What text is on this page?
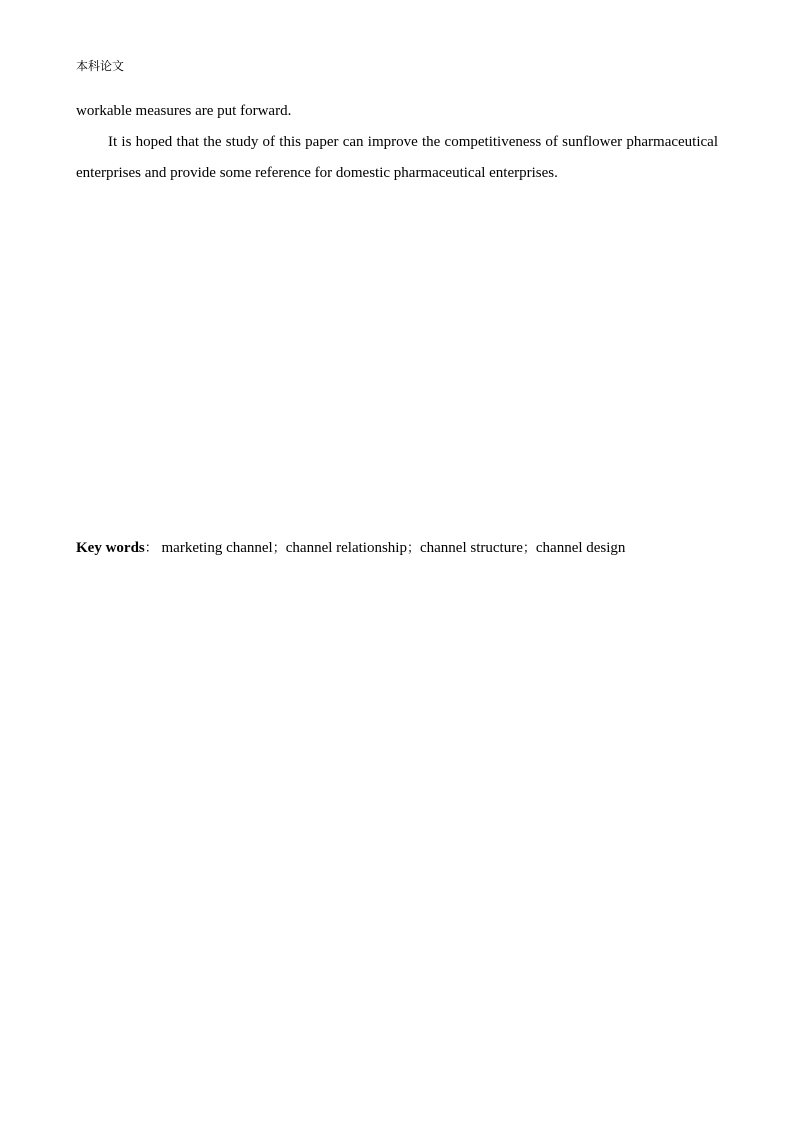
本科论文
workable measures are put forward.
It is hoped that the study of this paper can improve the competitiveness of sunflower pharmaceutical enterprises and provide some reference for domestic pharmaceutical enterprises.
Key words： marketing channel；channel relationship；channel structure；channel design
